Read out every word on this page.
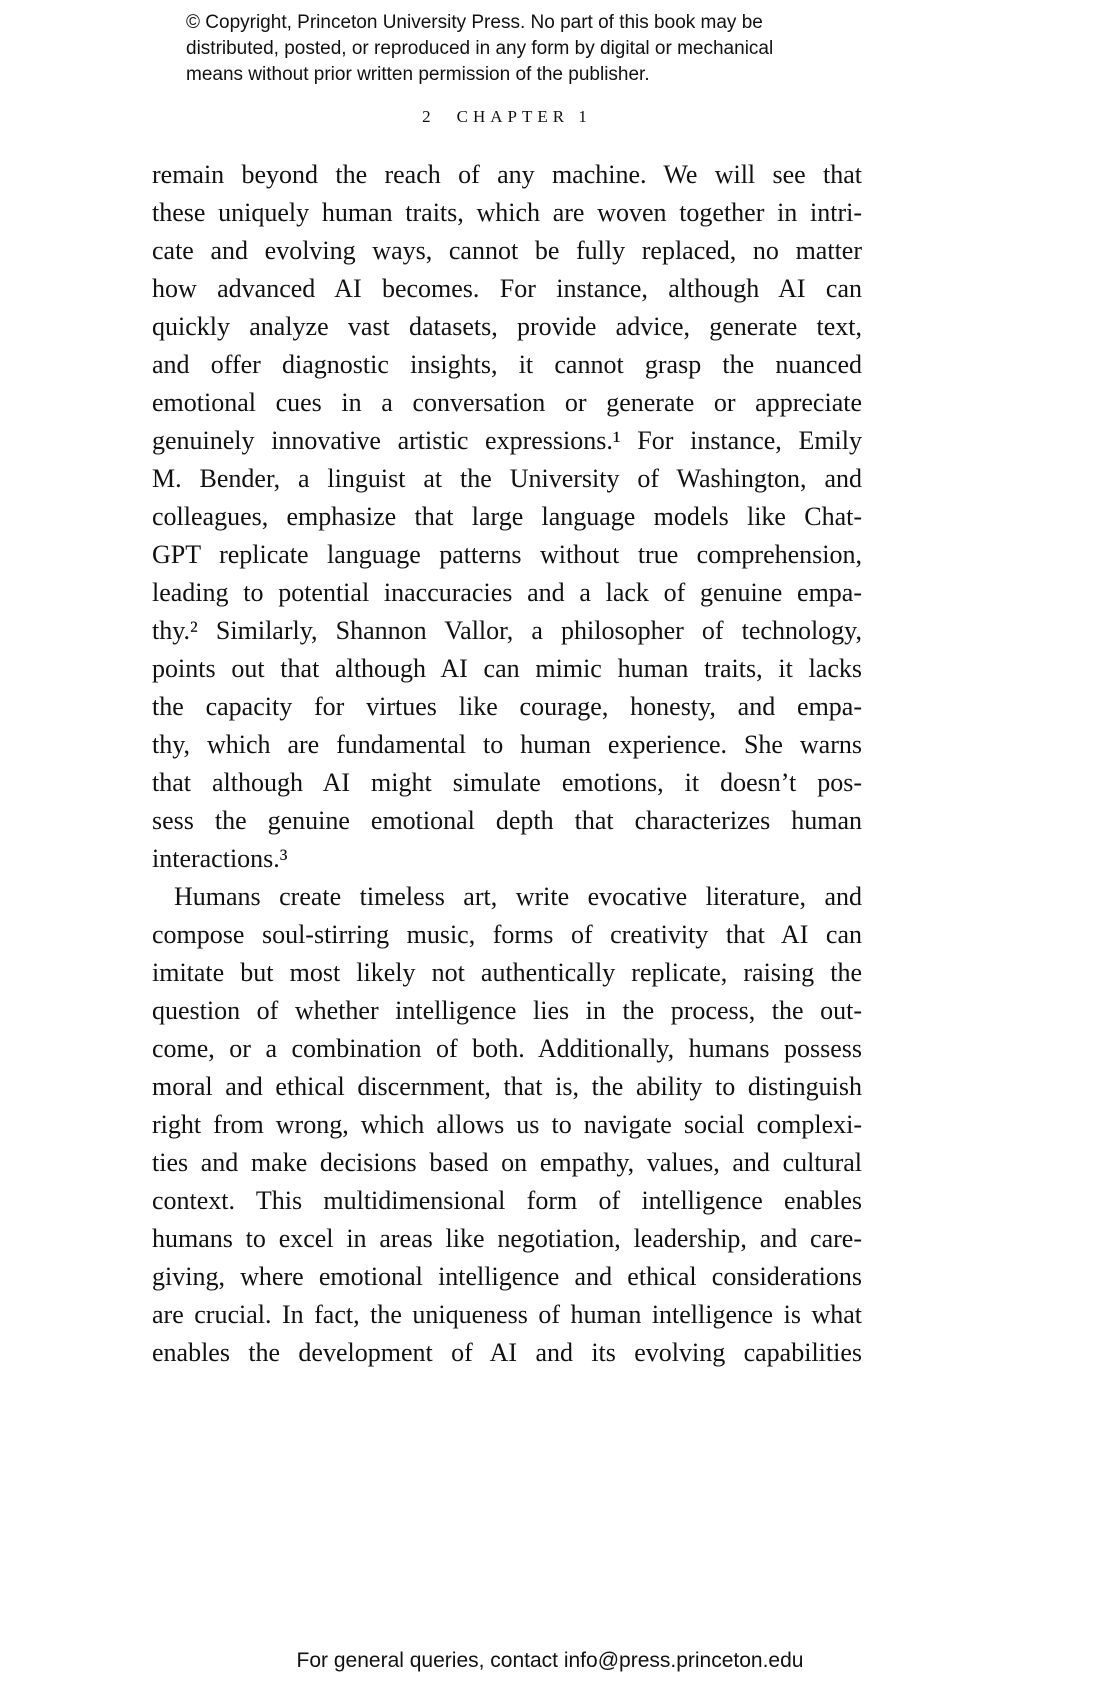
© Copyright, Princeton University Press. No part of this book may be
distributed, posted, or reproduced in any form by digital or mechanical
means without prior written permission of the publisher.
2 CHAPTER 1
remain beyond the reach of any machine. We will see that
these uniquely human traits, which are woven together in intri-
cate and evolving ways, cannot be fully replaced, no matter
how advanced AI becomes. For instance, although AI can
quickly analyze vast datasets, provide advice, generate text,
and offer diagnostic insights, it cannot grasp the nuanced
emotional cues in a conversation or generate or appreciate
genuinely innovative artistic expressions.¹ For instance, Emily
M. Bender, a linguist at the University of Washington, and
colleagues, emphasize that large language models like Chat-
GPT replicate language patterns without true comprehension,
leading to potential inaccuracies and a lack of genuine empa-
thy.² Similarly, Shannon Vallor, a philosopher of technology,
points out that although AI can mimic human traits, it lacks
the capacity for virtues like courage, honesty, and empa-
thy, which are fundamental to human experience. She warns
that although AI might simulate emotions, it doesn’t pos-
sess the genuine emotional depth that characterizes human
interactions.³
Humans create timeless art, write evocative literature, and
compose soul-stirring music, forms of creativity that AI can
imitate but most likely not authentically replicate, raising the
question of whether intelligence lies in the process, the out-
come, or a combination of both. Additionally, humans possess
moral and ethical discernment, that is, the ability to distinguish
right from wrong, which allows us to navigate social complexi-
ties and make decisions based on empathy, values, and cultural
context. This multidimensional form of intelligence enables
humans to excel in areas like negotiation, leadership, and care-
giving, where emotional intelligence and ethical considerations
are crucial. In fact, the uniqueness of human intelligence is what
enables the development of AI and its evolving capabilities
For general queries, contact info@press.princeton.edu
